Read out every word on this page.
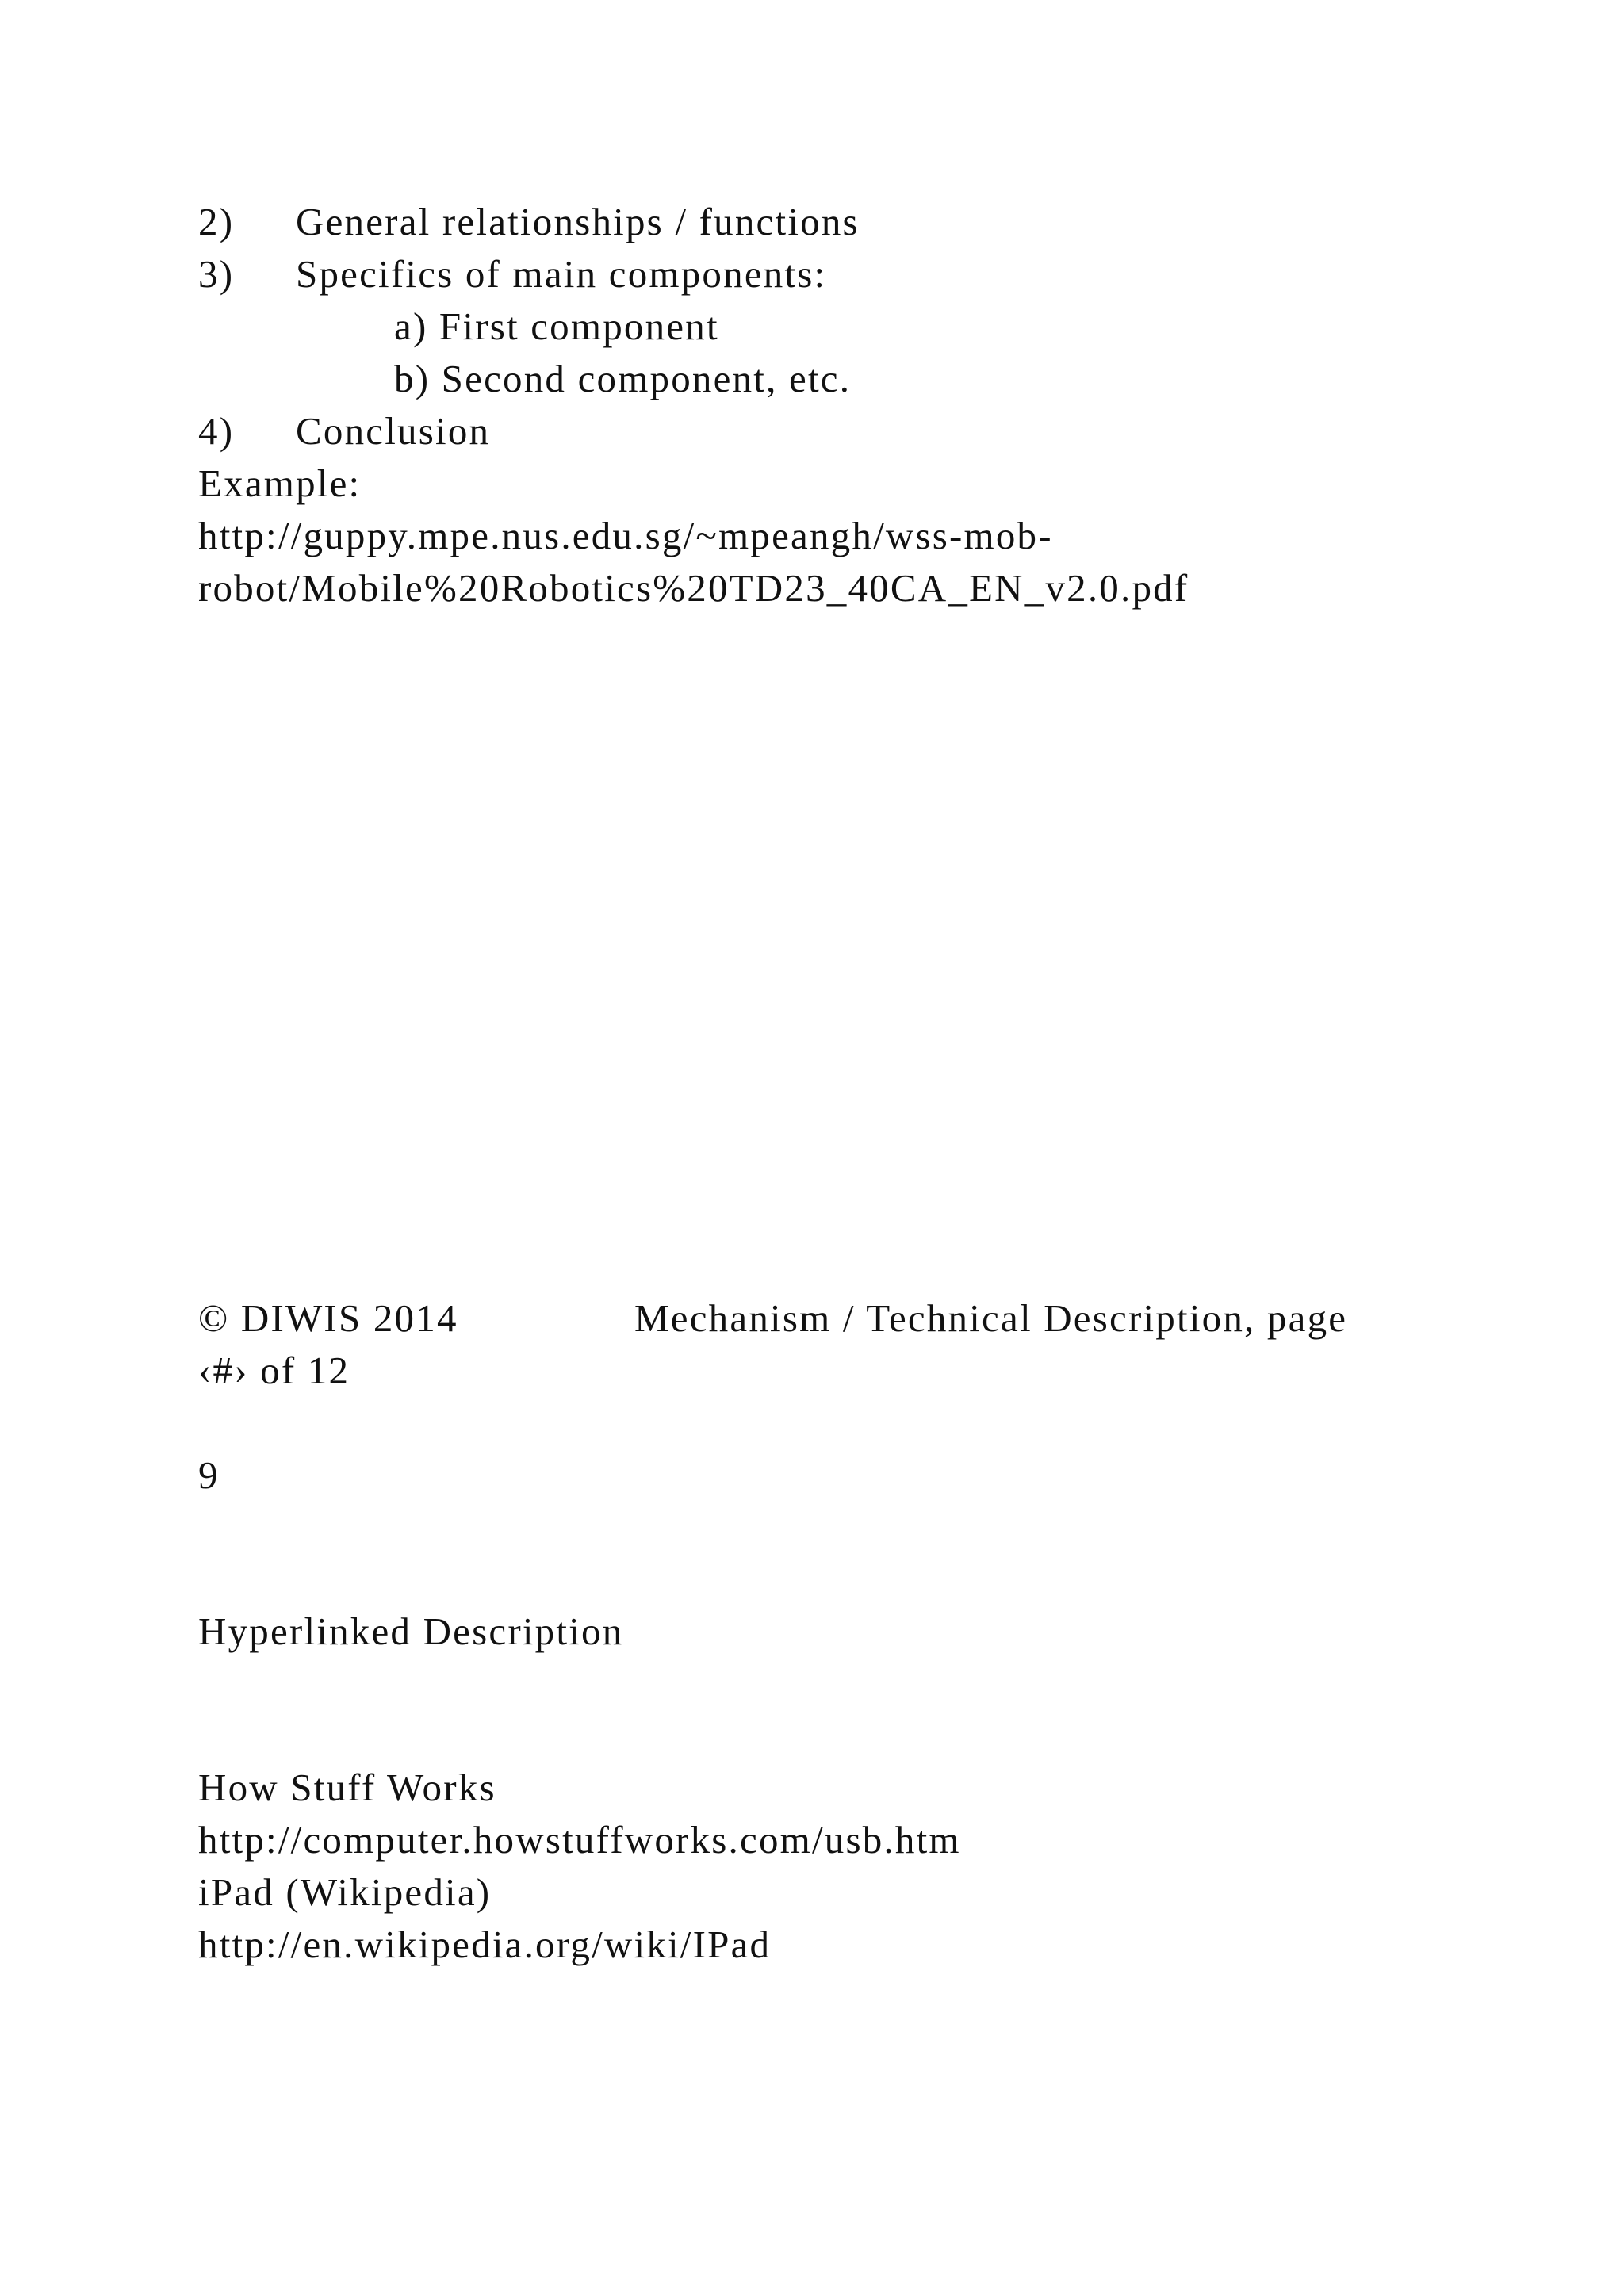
2) General relationships / functions
3) Specifics of main components:
a) First component
b) Second component, etc.
4) Conclusion
Example:
http://guppy.mpe.nus.edu.sg/~mpeangh/wss-mob-
robot/Mobile%20Robotics%20TD23_40CA_EN_v2.0.pdf
© DIWIS 2014	Mechanism / Technical Description, page
‹#› of 12
9
Hyperlinked Description
How Stuff Works
http://computer.howstuffworks.com/usb.htm
iPad (Wikipedia)
http://en.wikipedia.org/wiki/IPad
